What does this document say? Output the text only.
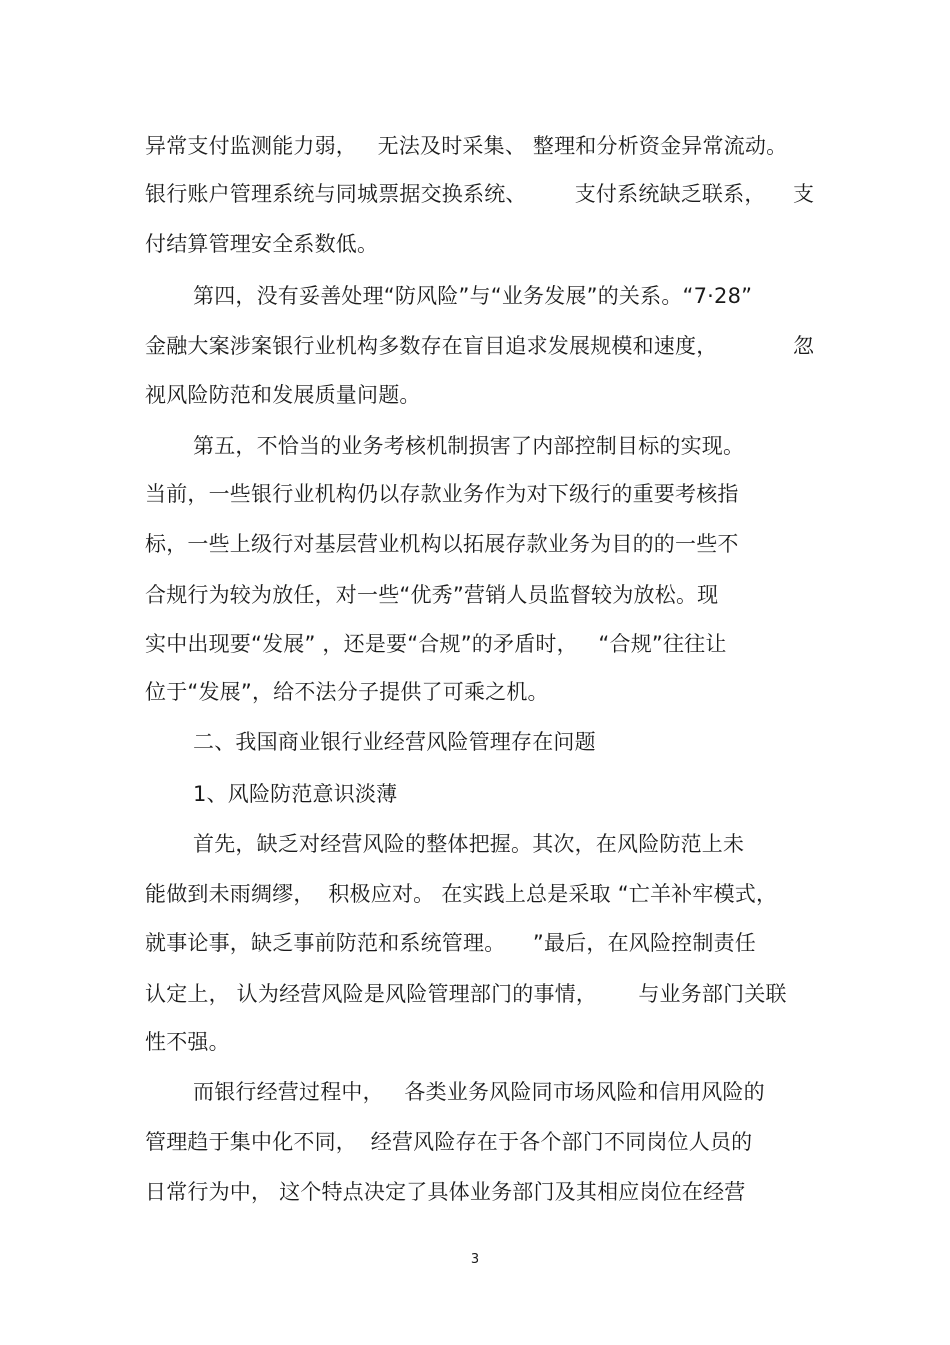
异常支付监测能力弱，   无法及时采集、 整理和分析资金异常流动。
银行账户管理系统与同城票据交换系统、       支付系统缺乏联系，    支
付结算管理安全系数低。
第四，没有妥善处理“防风险”与“业务发展”的关系。“7·28”
金融大案涉案银行业机构多数存在盲目追求发展规模和速度，           忽
视风险防范和发展质量问题。
第五，不恰当的业务考核机制损害了内部控制目标的实现。
当前，一些银行业机构仍以存款业务作为对下级行的重要考核指
标，一些上级行对基层营业机构以拓展存款业务为目的的一些不
合规行为较为放任，对一些“优秀”营销人员监督较为放松。现
实中出现要“发展” ，还是要“合规”的矛盾时，   “合规”往往让
位于“发展”，给不法分子提供了可乘之机。
二、我国商业银行业经营风险管理存在问题
1、风险防范意识淡薄
首先，缺乏对经营风险的整体把握。其次，在风险防范上未
能做到未雨绸缪，  积极应对。 在实践上总是采取 “亡羊补牢模式，
就事论事，缺乏事前防范和系统管理。    ”最后，在风险控制责任
认定上， 认为经营风险是风险管理部门的事情，      与业务部门关联
性不强。
而银行经营过程中，   各类业务风险同市场风险和信用风险的
管理趋于集中化不同，  经营风险存在于各个部门不同岗位人员的
日常行为中， 这个特点决定了具体业务部门及其相应岗位在经营
3
